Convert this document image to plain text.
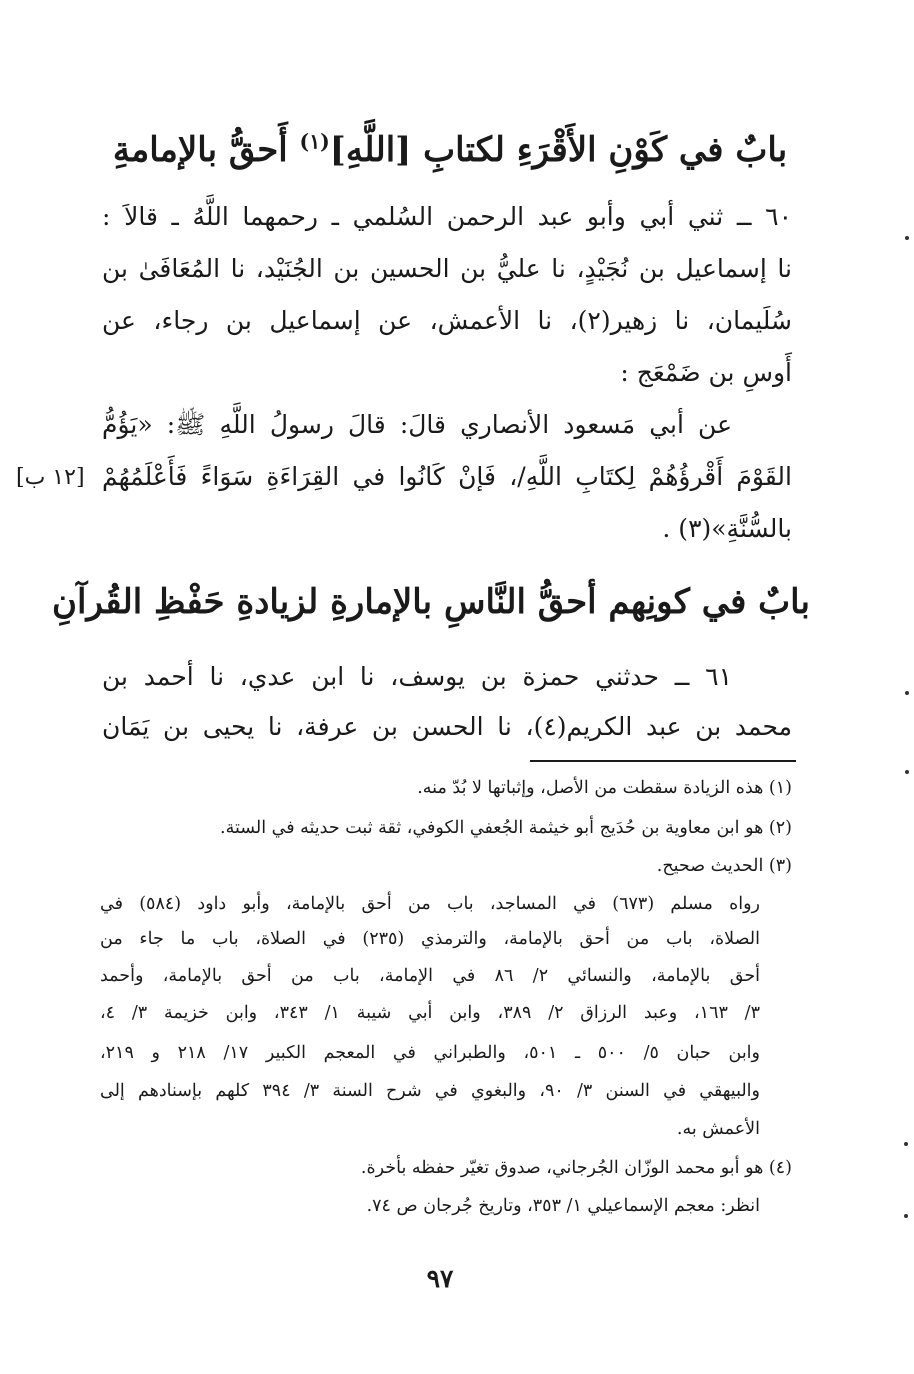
بابٌ في كَوْنِ الأَقْرَءِ لكتابِ [اللَّهِ]$^{(١)}$ أَحقُّ بالإمامةِ
٦٠ ــ ثني أبي وأبو عبد الرحمن السُلمي ـ رحمهما اللَّهُ ـ قالاَ :
نا إسماعيل بن نُجَيْدٍ، نا عليُّ بن الحسين بن الجُنَيْد، نا المُعَافَىٰ بن
سُلَيمان، نا زهير(٢)، نا الأعمش، عن إسماعيل بن رجاء، عن
أَوسِ بن ضَمْعَج :
عن أبي مَسعود الأنصاري قالَ: قالَ رسولُ اللَّهِ ﷺ: «يَؤُمُّ
القَوْمَ أَقْرؤُهُمْ لِكتَابِ اللَّهِ/، فَإنْ كَانُوا في القِرَاءَةِ سَوَاءً فَأَعْلَمُهُمْ
بالسُّنَّةِ»(٣) .
[١٢ ب]
بابٌ في كونِهم أحقُّ النَّاسِ بالإمارةِ لزيادةِ حَفْظِ القُرآنِ
٦١ ــ حدثني حمزة بن يوسف، نا ابن عدي، نا أحمد بن
محمد بن عبد الكريم(٤)، نا الحسن بن عرفة، نا يحيى بن يَمَان
(١) هذه الزيادة سقطت من الأصل، وإثباتها لا بُدّ منه.
(٢) هو ابن معاوية بن حُدَيج أبو خيثمة الجُعفي الكوفي، ثقة ثبت حديثه في الستة.
(٣) الحديث صحيح.
رواه مسلم (٦٧٣) في المساجد، باب من أحق بالإمامة، وأبو داود (٥٨٤) في
الصلاة، باب من أحق بالإمامة، والترمذي (٢٣٥) في الصلاة، باب ما جاء من
أحق بالإمامة، والنسائي ٢/ ٨٦ في الإمامة، باب من أحق بالإمامة، وأحمد
٣/ ١٦٣، وعبد الرزاق ٢/ ٣٨٩، وابن أبي شيبة ١/ ٣٤٣، وابن خزيمة ٣/ ٤،
وابن حبان ٥/ ٥٠٠ ـ ٥٠١، والطبراني في المعجم الكبير ١٧/ ٢١٨ و ٢١٩،
والبيهقي في السنن ٣/ ٩٠، والبغوي في شرح السنة ٣/ ٣٩٤ كلهم بإسنادهم إلى
الأعمش به.
(٤) هو أبو محمد الوزّان الجُرجاني، صدوق تغيّر حفظه بأخرة.
انظر: معجم الإسماعيلي ١/ ٣٥٣، وتاريخ جُرجان ص ٧٤.
٩٧
